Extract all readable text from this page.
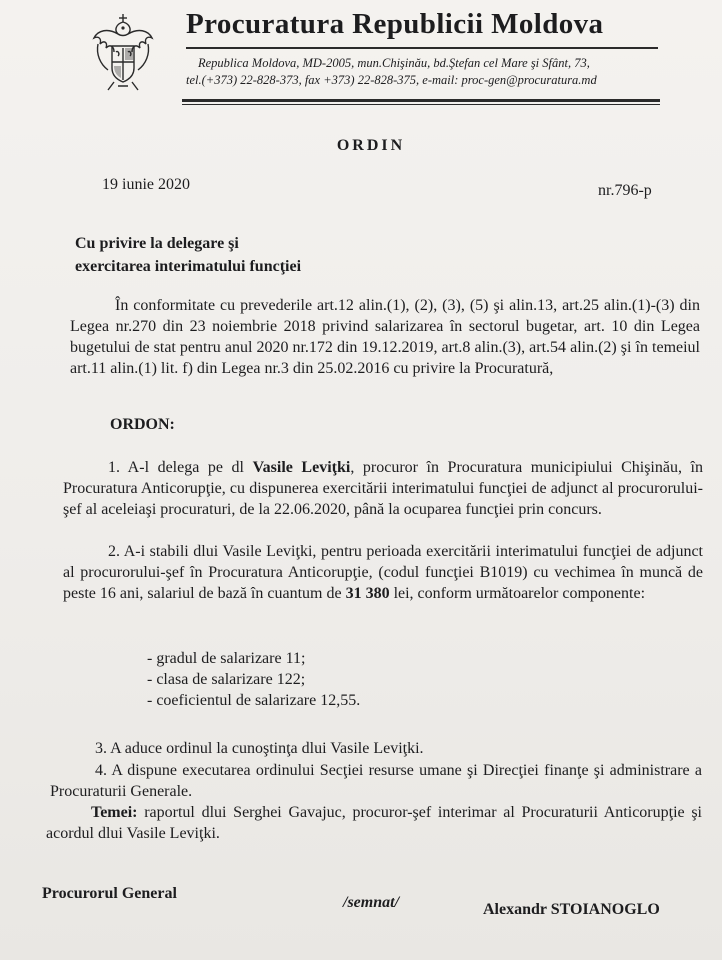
Procuratura Republicii Moldova
Republica Moldova, MD-2005, mun.Chişinău, bd.Ştefan cel Mare şi Sfânt, 73,
tel.(+373) 22-828-373, fax +373) 22-828-375, e-mail: proc-gen@procuratura.md
ORDIN
19 iunie 2020	nr.796-p
Cu privire la delegare şi
exercitarea interimatului funcţiei
În conformitate cu prevederile art.12 alin.(1), (2), (3), (5) şi alin.13, art.25 alin.(1)-(3) din Legea nr.270 din 23 noiembrie 2018 privind salarizarea în sectorul bugetar, art. 10 din Legea bugetului de stat pentru anul 2020 nr.172 din 19.12.2019, art.8 alin.(3), art.54 alin.(2) şi în temeiul art.11 alin.(1) lit. f) din Legea nr.3 din 25.02.2016 cu privire la Procuratură,
ORDON:
1. A-l delega pe dl Vasile Leviţki, procuror în Procuratura municipiului Chişinău, în Procuratura Anticorupţie, cu dispunerea exercitării interimatului funcţiei de adjunct al procurorului-şef al aceleiaşi procuraturi, de la 22.06.2020, până la ocuparea funcţiei prin concurs.
2. A-i stabili dlui Vasile Leviţki, pentru perioada exercitării interimatului funcţiei de adjunct al procurorului-şef în Procuratura Anticorupţie, (codul funcţiei B1019) cu vechimea în muncă de peste 16 ani, salariul de bază în cuantum de 31 380 lei, conform următoarelor componente:
- gradul de salarizare 11;
- clasa de salarizare 122;
- coeficientul de salarizare 12,55.
3. A aduce ordinul la cunoştinţa dlui Vasile Leviţki.
4. A dispune executarea ordinului Secţiei resurse umane şi Direcţiei finanţe şi administrare a Procuraturii Generale.
Temei: raportul dlui Serghei Gavajuc, procuror-şef interimar al Procuraturii Anticorupţie şi acordul dlui Vasile Leviţki.
Procurorul General
/semnat/	Alexandr STOIANOGLO
